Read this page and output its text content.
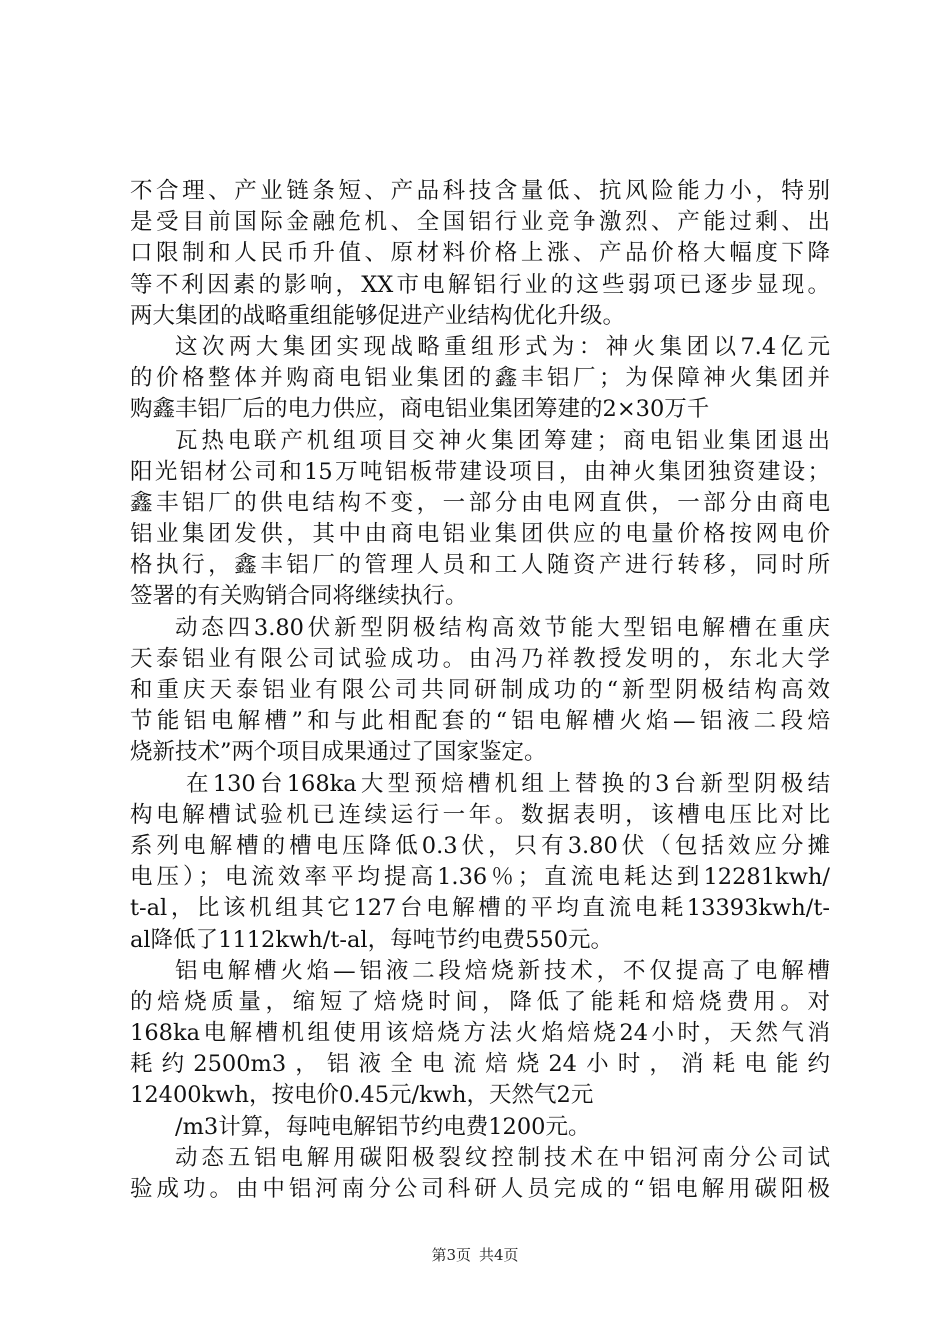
不合理、产业链条短、产品科技含量低、抗风险能力小，特别
是受目前国际金融危机、全国铝行业竞争激烈、产能过剩、出
口限制和人民币升值、原材料价格上涨、产品价格大幅度下降
等不利因素的影响，XX市电解铝行业的这些弱项已逐步显现。
两大集团的战略重组能够促进产业结构优化升级。
这次两大集团实现战略重组形式为：神火集团以7.4亿元
的价格整体并购商电铝业集团的鑫丰铝厂；为保障神火集团并
购鑫丰铝厂后的电力供应，商电铝业集团筹建的2×30万千
瓦热电联产机组项目交神火集团筹建；商电铝业集团退出
阳光铝材公司和15万吨铝板带建设项目，由神火集团独资建设；
鑫丰铝厂的供电结构不变，一部分由电网直供，一部分由商电
铝业集团发供，其中由商电铝业集团供应的电量价格按网电价
格执行，鑫丰铝厂的管理人员和工人随资产进行转移，同时所
签署的有关购销合同将继续执行。
动态四3.80伏新型阴极结构高效节能大型铝电解槽在重庆
天泰铝业有限公司试验成功。由冯乃祥教授发明的，东北大学
和重庆天泰铝业有限公司共同研制成功的“新型阴极结构高效
节能铝电解槽”和与此相配套的“铝电解槽火焰—铝液二段焙
烧新技术”两个项目成果通过了国家鉴定。
在130台168ka大型预焙槽机组上替换的3台新型阴极结
构电解槽试验机已连续运行一年。数据表明，该槽电压比对比
系列电解槽的槽电压降低0.3伏，只有3.80伏（包括效应分摊
电压）；电流效率平均提高1.36％；直流电耗达到12281kwh/
t-al，比该机组其它127台电解槽的平均直流电耗13393kwh/t-
al降低了1112kwh/t-al，每吨节约电费550元。
铝电解槽火焰—铝液二段焙烧新技术，不仅提高了电解槽
的焙烧质量，缩短了焙烧时间，降低了能耗和焙烧费用。对
168ka电解槽机组使用该焙烧方法火焰焙烧24小时，天然气消
耗约2500m3，铝液全电流焙烧24小时，消耗电能约
12400kwh，按电价0.45元/kwh，天然气2元
/m3计算，每吨电解铝节约电费1200元。
动态五铝电解用碳阳极裂纹控制技术在中铝河南分公司试
验成功。由中铝河南分公司科研人员完成的“铝电解用碳阳极
第3页 共4页
